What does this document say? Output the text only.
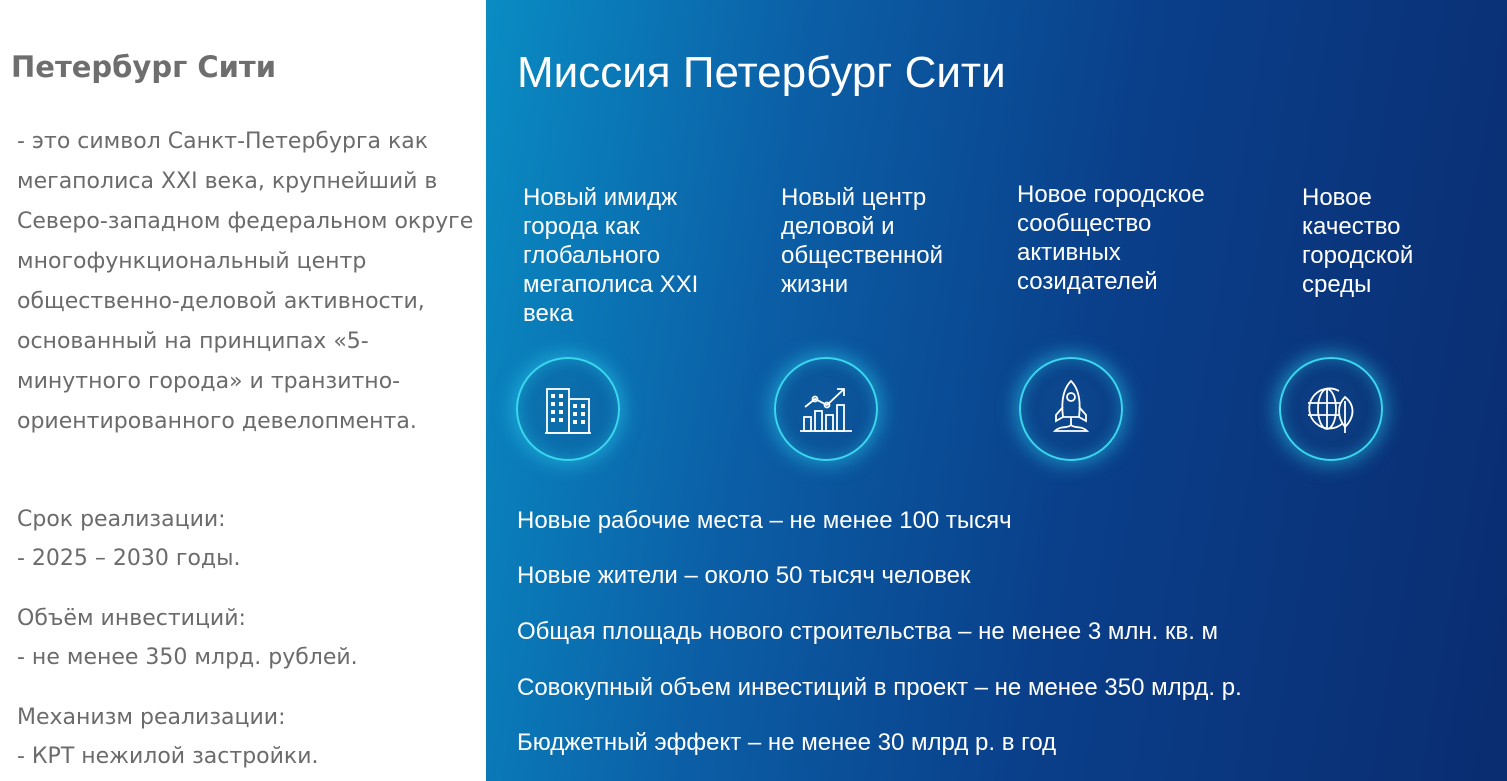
Петербург Сити

- это символ Санкт-Петербурга как мегаполиса XXI века, крупнейший в Северо-западном федеральном округе многофункциональный центр общественно-деловой активности, основанный на принципах «5-минутного города» и транзитно-ориентированного девелопмента.

Срок реализации:
- 2025 – 2030 годы.
Объём инвестиций:
- не менее 350 млрд. рублей.
Механизм реализации:
- КРТ нежилой застройки.
Миссия Петербург Сити

Новый имидж города как глобального мегаполиса XXI века

Новый центр деловой и общественной жизни

Новое городское сообщество активных созидателей

Новое качество городской среды

Новые рабочие места – не менее 100 тысяч

Новые жители – около 50 тысяч человек

Общая площадь нового строительства – не менее 3 млн. кв. м

Совокупный объем инвестиций в проект – не менее 350 млрд. р.

Бюджетный эффект – не менее 30 млрд р. в год
